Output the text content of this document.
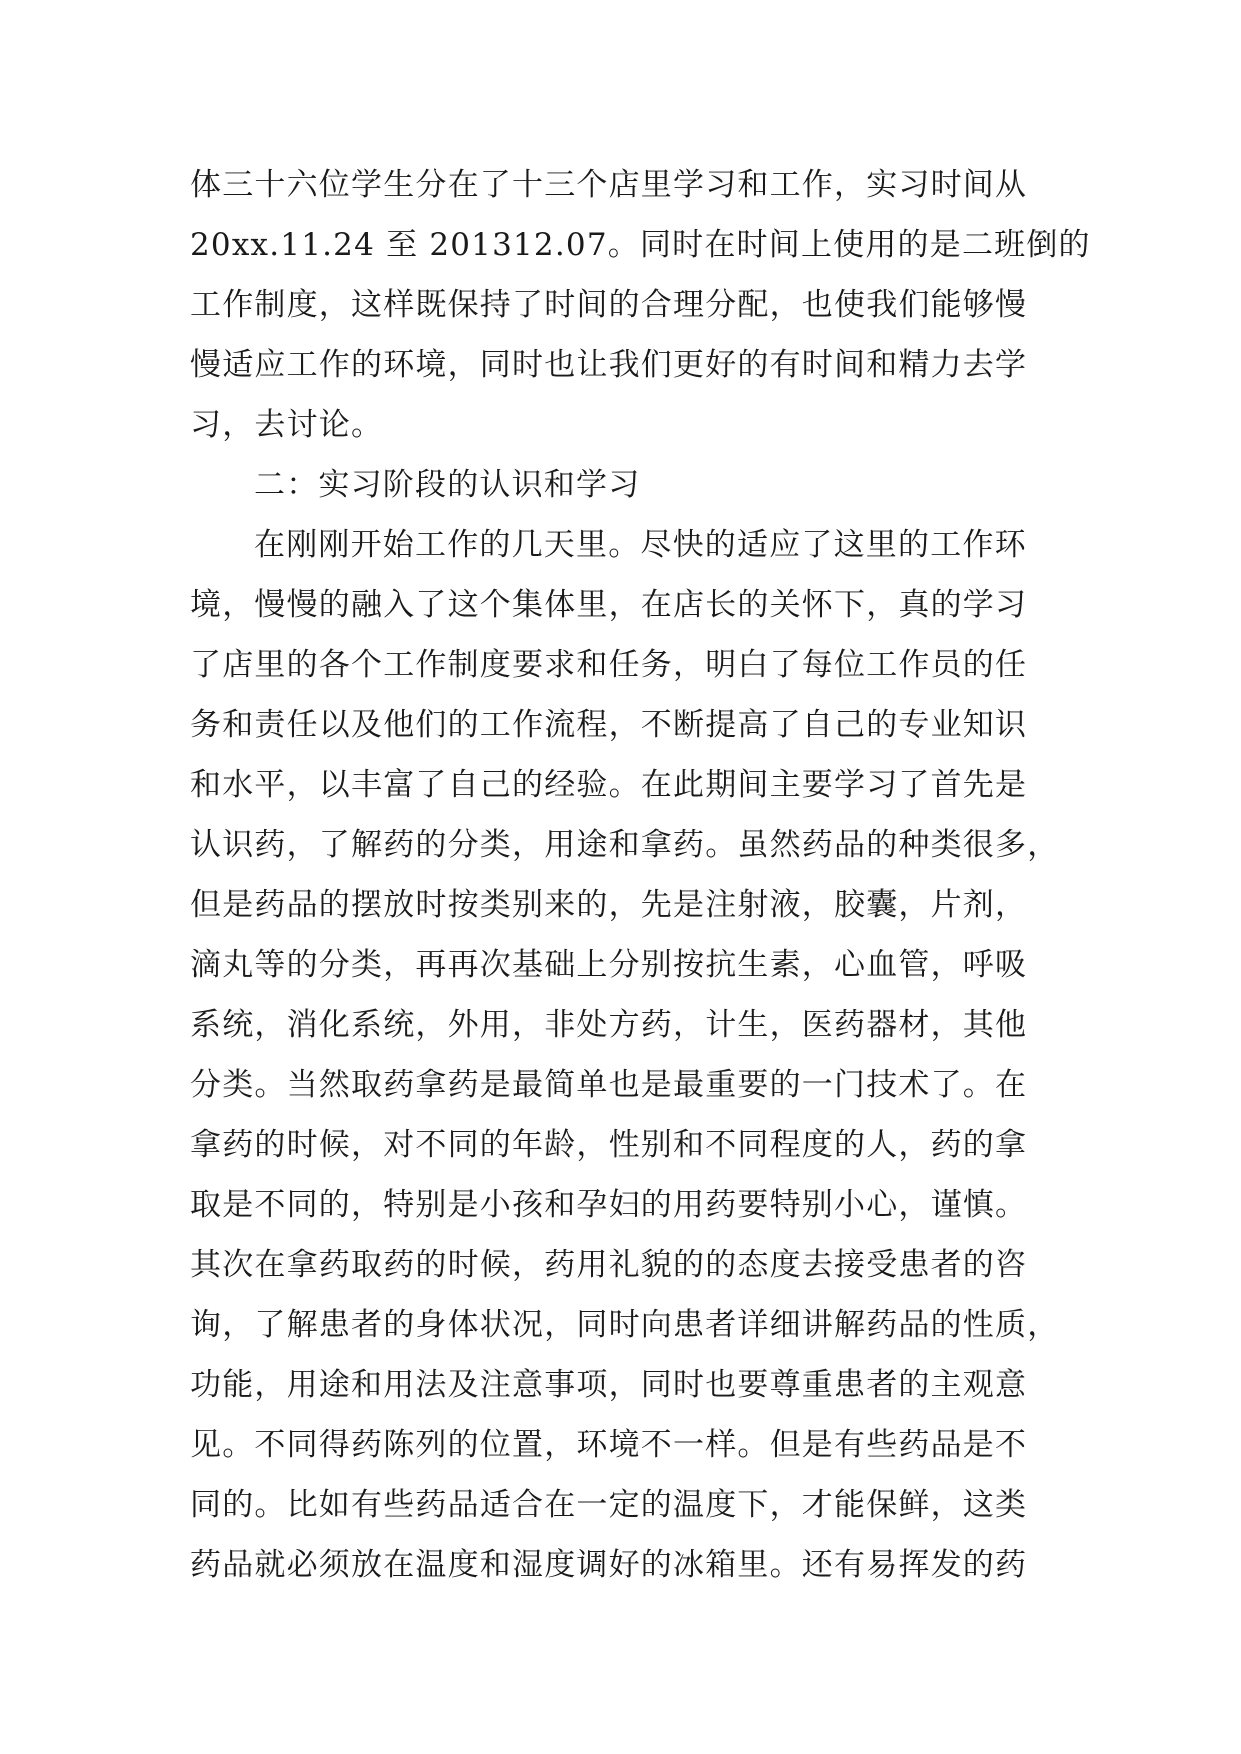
体三十六位学生分在了十三个店里学习和工作，实习时间从
20xx.11.24 至 201312.07。同时在时间上使用的是二班倒的
工作制度，这样既保持了时间的合理分配，也使我们能够慢
慢适应工作的环境，同时也让我们更好的有时间和精力去学
习，去讨论。
二：实习阶段的认识和学习
在刚刚开始工作的几天里。尽快的适应了这里的工作环
境，慢慢的融入了这个集体里，在店长的关怀下，真的学习
了店里的各个工作制度要求和任务，明白了每位工作员的任
务和责任以及他们的工作流程，不断提高了自己的专业知识
和水平，以丰富了自己的经验。在此期间主要学习了首先是
认识药，了解药的分类，用途和拿药。虽然药品的种类很多，
但是药品的摆放时按类别来的，先是注射液，胶囊，片剂，
滴丸等的分类，再再次基础上分别按抗生素，心血管，呼吸
系统，消化系统，外用，非处方药，计生，医药器材，其他
分类。当然取药拿药是最简单也是最重要的一门技术了。在
拿药的时候，对不同的年龄，性别和不同程度的人，药的拿
取是不同的，特别是小孩和孕妇的用药要特别小心，谨慎。
其次在拿药取药的时候，药用礼貌的的态度去接受患者的咨
询，了解患者的身体状况，同时向患者详细讲解药品的性质，
功能，用途和用法及注意事项，同时也要尊重患者的主观意
见。不同得药陈列的位置，环境不一样。但是有些药品是不
同的。比如有些药品适合在一定的温度下，才能保鲜，这类
药品就必须放在温度和湿度调好的冰箱里。还有易挥发的药
